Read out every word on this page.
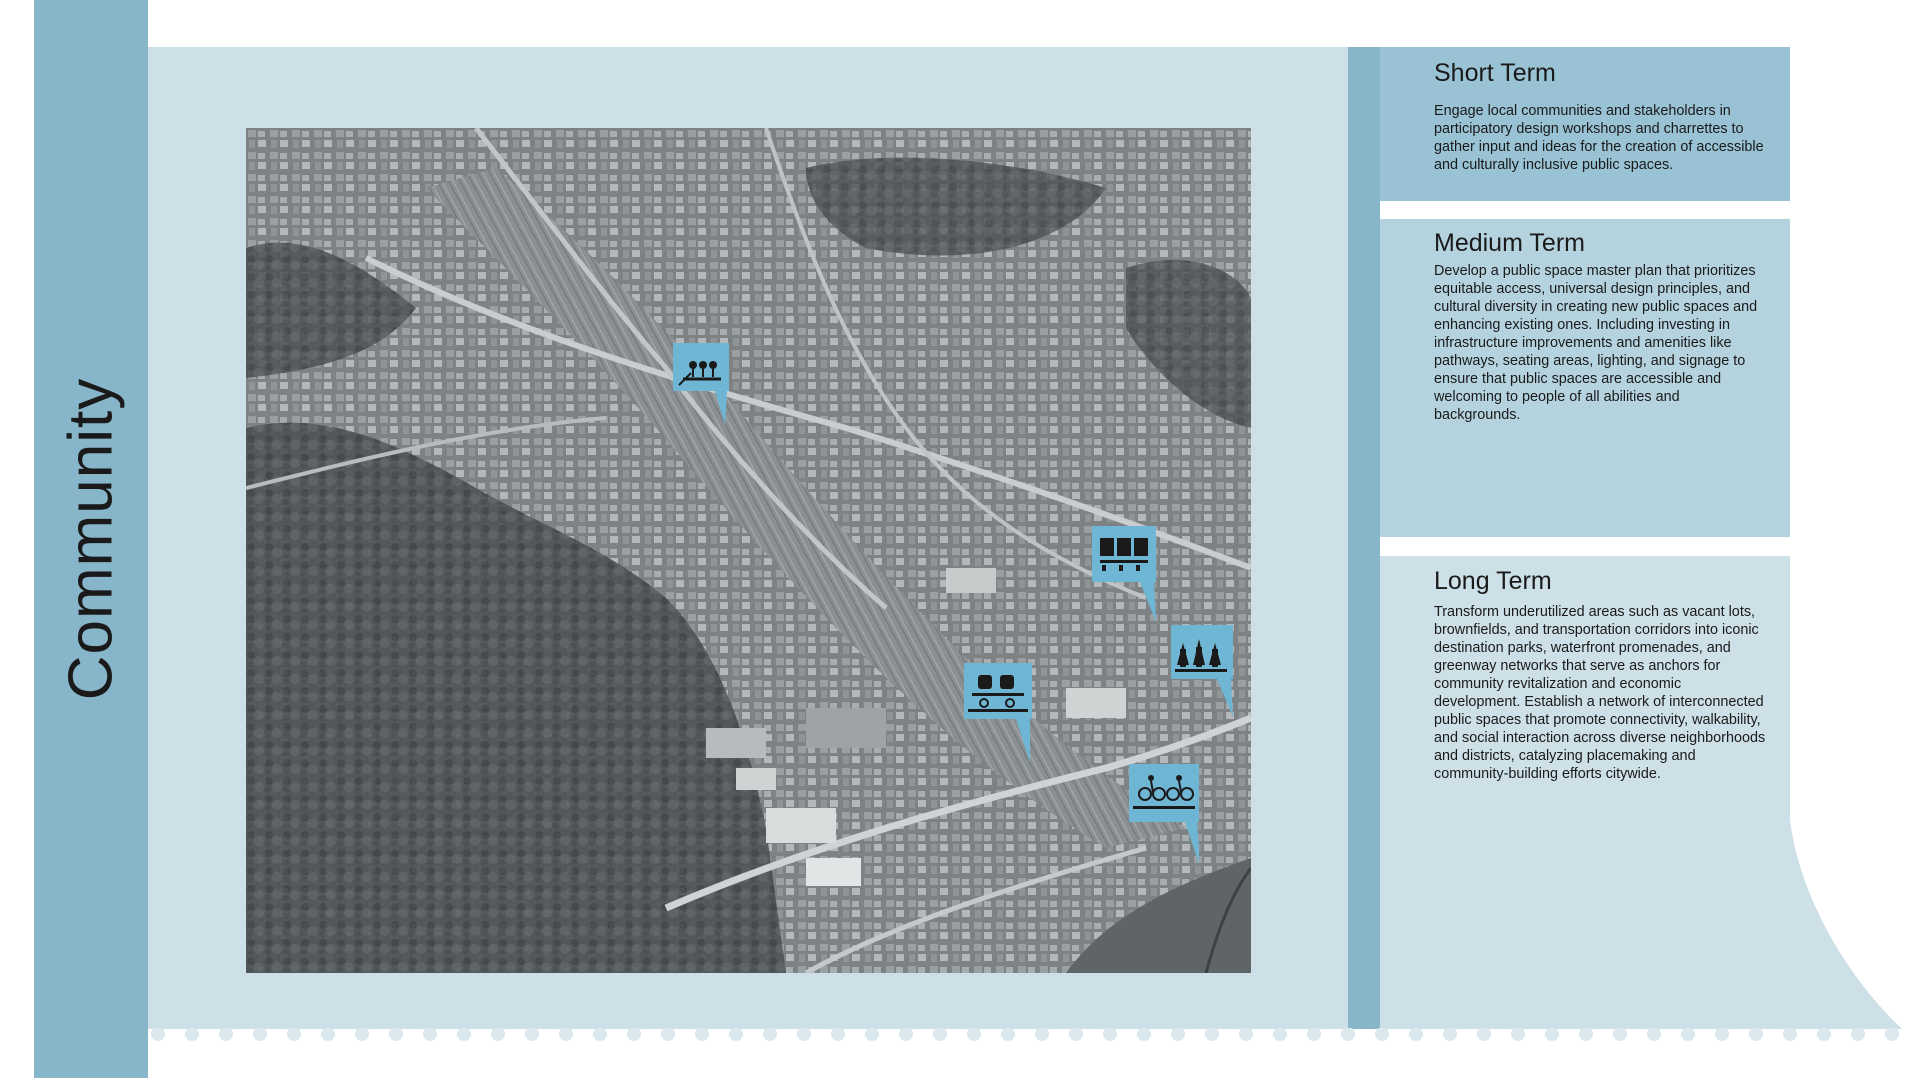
Community
Short Term

Engage local communities and stakeholders in participatory design workshops and charrettes to gather input and ideas for the creation of accessible and culturally inclusive public spaces.

Medium Term

Develop a public space master plan that prioritizes equitable access, universal design principles, and cultural diversity in creating new public spaces and enhancing existing ones. Including investing in infrastructure improvements and amenities like pathways, seating areas, lighting, and signage to ensure that public spaces are accessible and welcoming to people of all abilities and backgrounds.

Long Term

Transform underutilized areas such as vacant lots, brownfields, and transportation corridors into iconic destination parks, waterfront promenades, and greenway networks that serve as anchors for community revitalization and economic development. Establish a network of interconnected public spaces that promote connectivity, walkability, and social interaction across diverse neighborhoods and districts, catalyzing placemaking and community-building efforts citywide.
